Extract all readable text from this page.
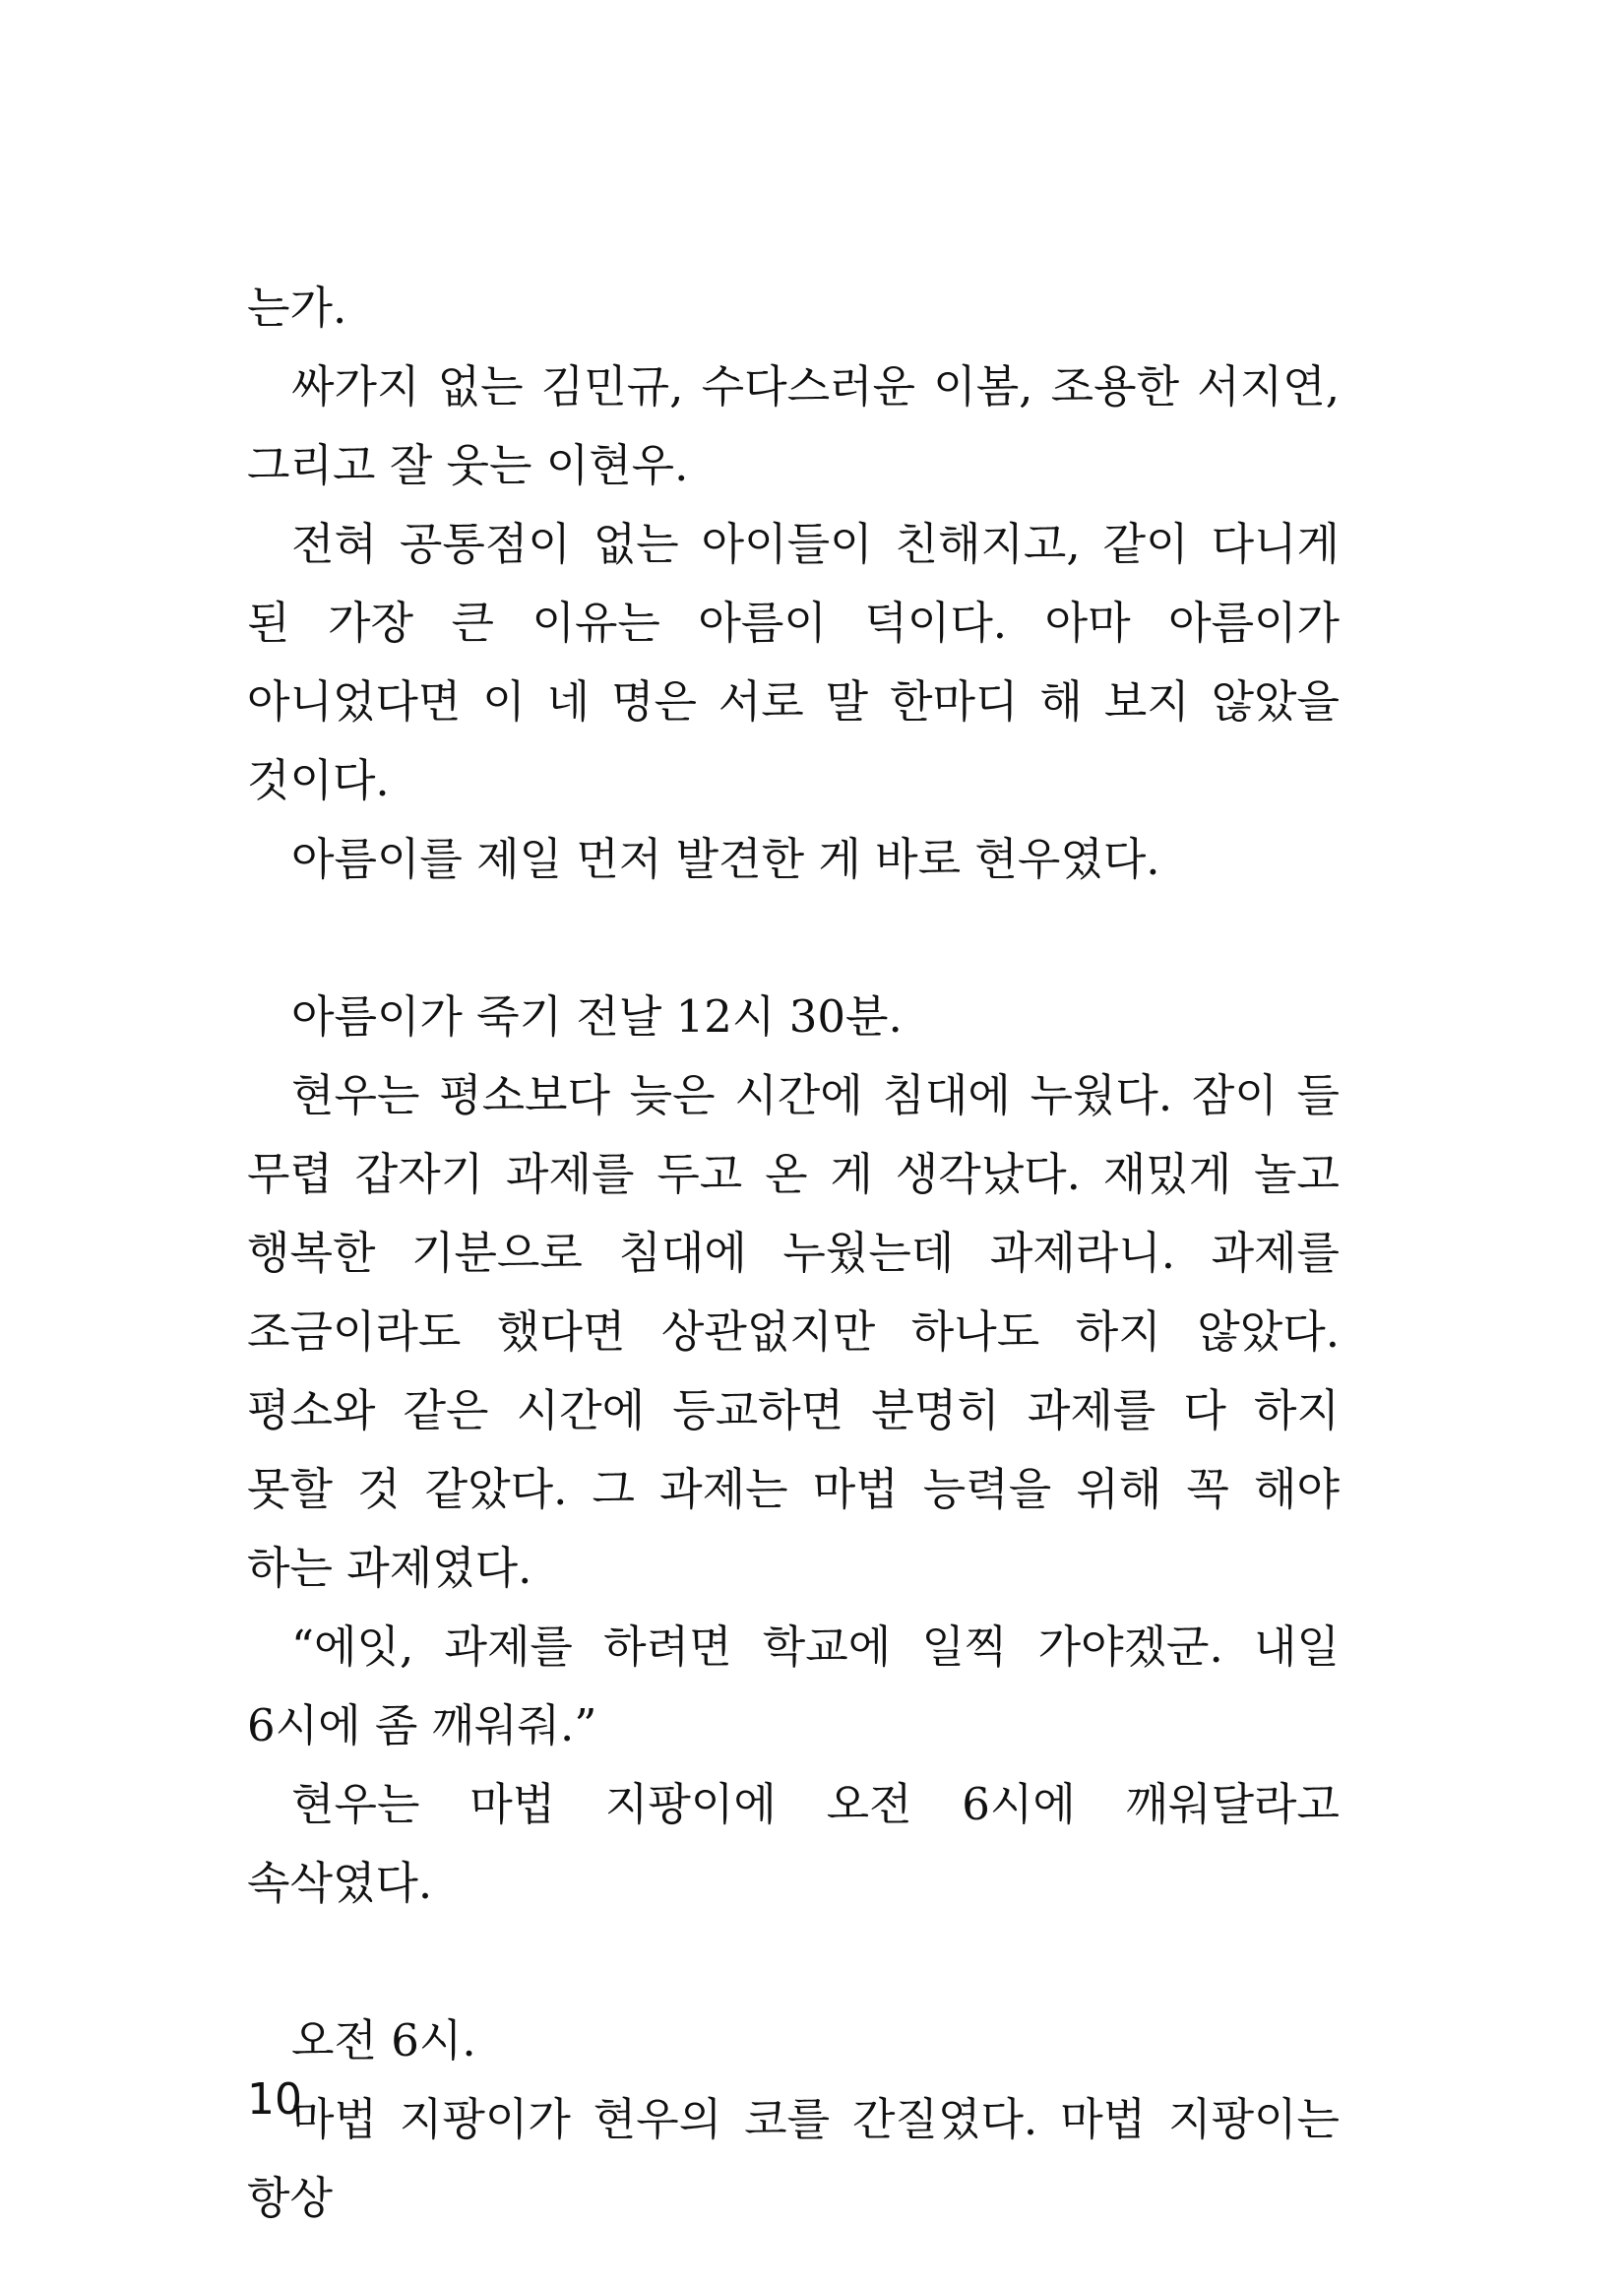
는가.

싸가지 없는 김민규, 수다스러운 이봄, 조용한 서지연, 그리고 잘 웃는 이현우.

전혀 공통점이 없는 아이들이 친해지고, 같이 다니게 된 가장 큰 이유는 아름이 덕이다. 아마 아름이가 아니었다면 이 네 명은 서로 말 한마디 해 보지 않았을 것이다.

아름이를 제일 먼저 발견한 게 바로 현우였다.

아름이가 죽기 전날 12시 30분.

현우는 평소보다 늦은 시간에 침대에 누웠다. 잠이 들 무렵 갑자기 과제를 두고 온 게 생각났다. 재밌게 놀고 행복한 기분으로 침대에 누웠는데 과제라니. 과제를 조금이라도 했다면 상관없지만 하나도 하지 않았다. 평소와 같은 시간에 등교하면 분명히 과제를 다 하지 못할 것 같았다. 그 과제는 마법 능력을 위해 꼭 해야 하는 과제였다.

“에잇, 과제를 하려면 학교에 일찍 가야겠군. 내일 6시에 좀 깨워줘.”

현우는 마법 지팡이에 오전 6시에 깨워달라고 속삭였다.

오전 6시.

마법 지팡이가 현우의 코를 간질였다. 마법 지팡이는 항상

10
